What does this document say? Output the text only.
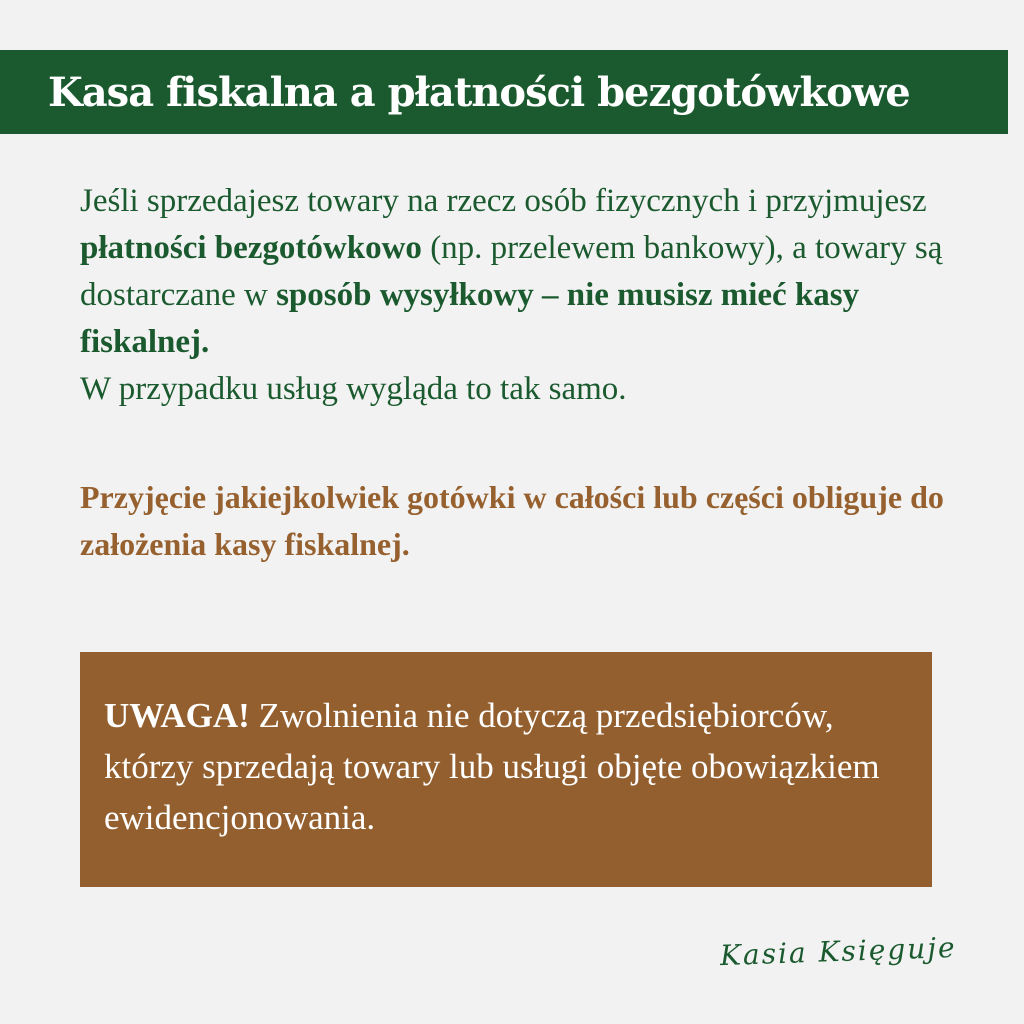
Kasa fiskalna a płatności bezgotówkowe

Jeśli sprzedajesz towary na rzecz osób fizycznych i przyjmujesz płatności bezgotówkowo (np. przelewem bankowy), a towary są dostarczane w sposób wysyłkowy – nie musisz mieć kasy fiskalnej.

W przypadku usług wygląda to tak samo.

Przyjęcie jakiejkolwiek gotówki w całości lub części obliguje do założenia kasy fiskalnej.

UWAGA! Zwolnienia nie dotyczą przedsiębiorców, którzy sprzedają towary lub usługi objęte obowiązkiem ewidencjonowania.

Kasia Księguje
